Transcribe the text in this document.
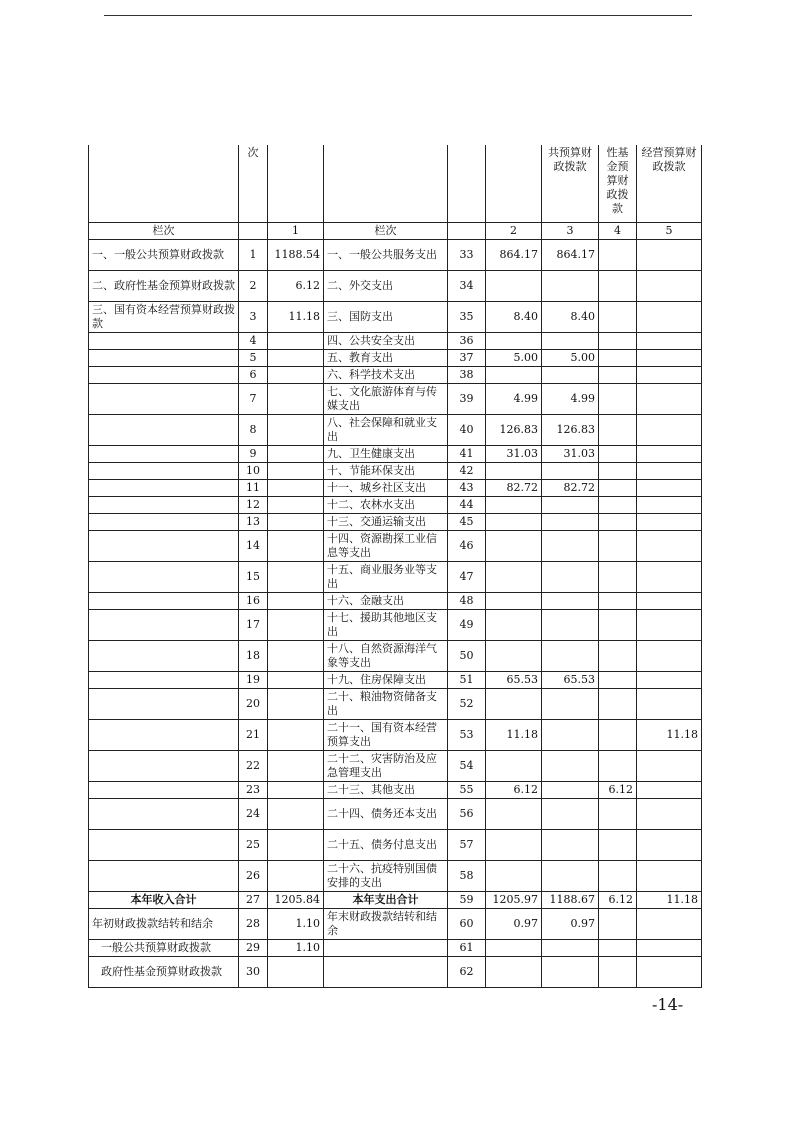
	次					共预算财政拨款	性基金预算财政拨款	经营预算财政拨款
栏次		1	栏次		2	3	4	5
一、一般公共预算财政拨款	1	1188.54	一、一般公共服务支出	33	864.17	864.17		
二、政府性基金预算财政拨款	2	6.12	二、外交支出	34				
三、国有资本经营预算财政拨款	3	11.18	三、国防支出	35	8.40	8.40		
	4		四、公共安全支出	36				
	5		五、教育支出	37	5.00	5.00		
	6		六、科学技术支出	38				
	7		七、文化旅游体育与传媒支出	39	4.99	4.99		
	8		八、社会保障和就业支出	40	126.83	126.83		
	9		九、卫生健康支出	41	31.03	31.03		
	10		十、节能环保支出	42				
	11		十一、城乡社区支出	43	82.72	82.72		
	12		十二、农林水支出	44				
	13		十三、交通运输支出	45				
	14		十四、资源勘探工业信息等支出	46				
	15		十五、商业服务业等支出	47				
	16		十六、金融支出	48				
	17		十七、援助其他地区支出	49				
	18		十八、自然资源海洋气象等支出	50				
	19		十九、住房保障支出	51	65.53	65.53		
	20		二十、粮油物资储备支出	52				
	21		二十一、国有资本经营预算支出	53	11.18			11.18
	22		二十二、灾害防治及应急管理支出	54				
	23		二十三、其他支出	55	6.12		6.12	
	24		二十四、债务还本支出	56				
	25		二十五、债务付息支出	57				
	26		二十六、抗疫特别国债安排的支出	58				
本年收入合计	27	1205.84	本年支出合计	59	1205.97	1188.67	6.12	11.18
年初财政拨款结转和结余	28	1.10	年末财政拨款结转和结余	60	0.97	0.97		
一般公共预算财政拨款	29	1.10		61				
政府性基金预算财政拨款	30			62				
-14-
